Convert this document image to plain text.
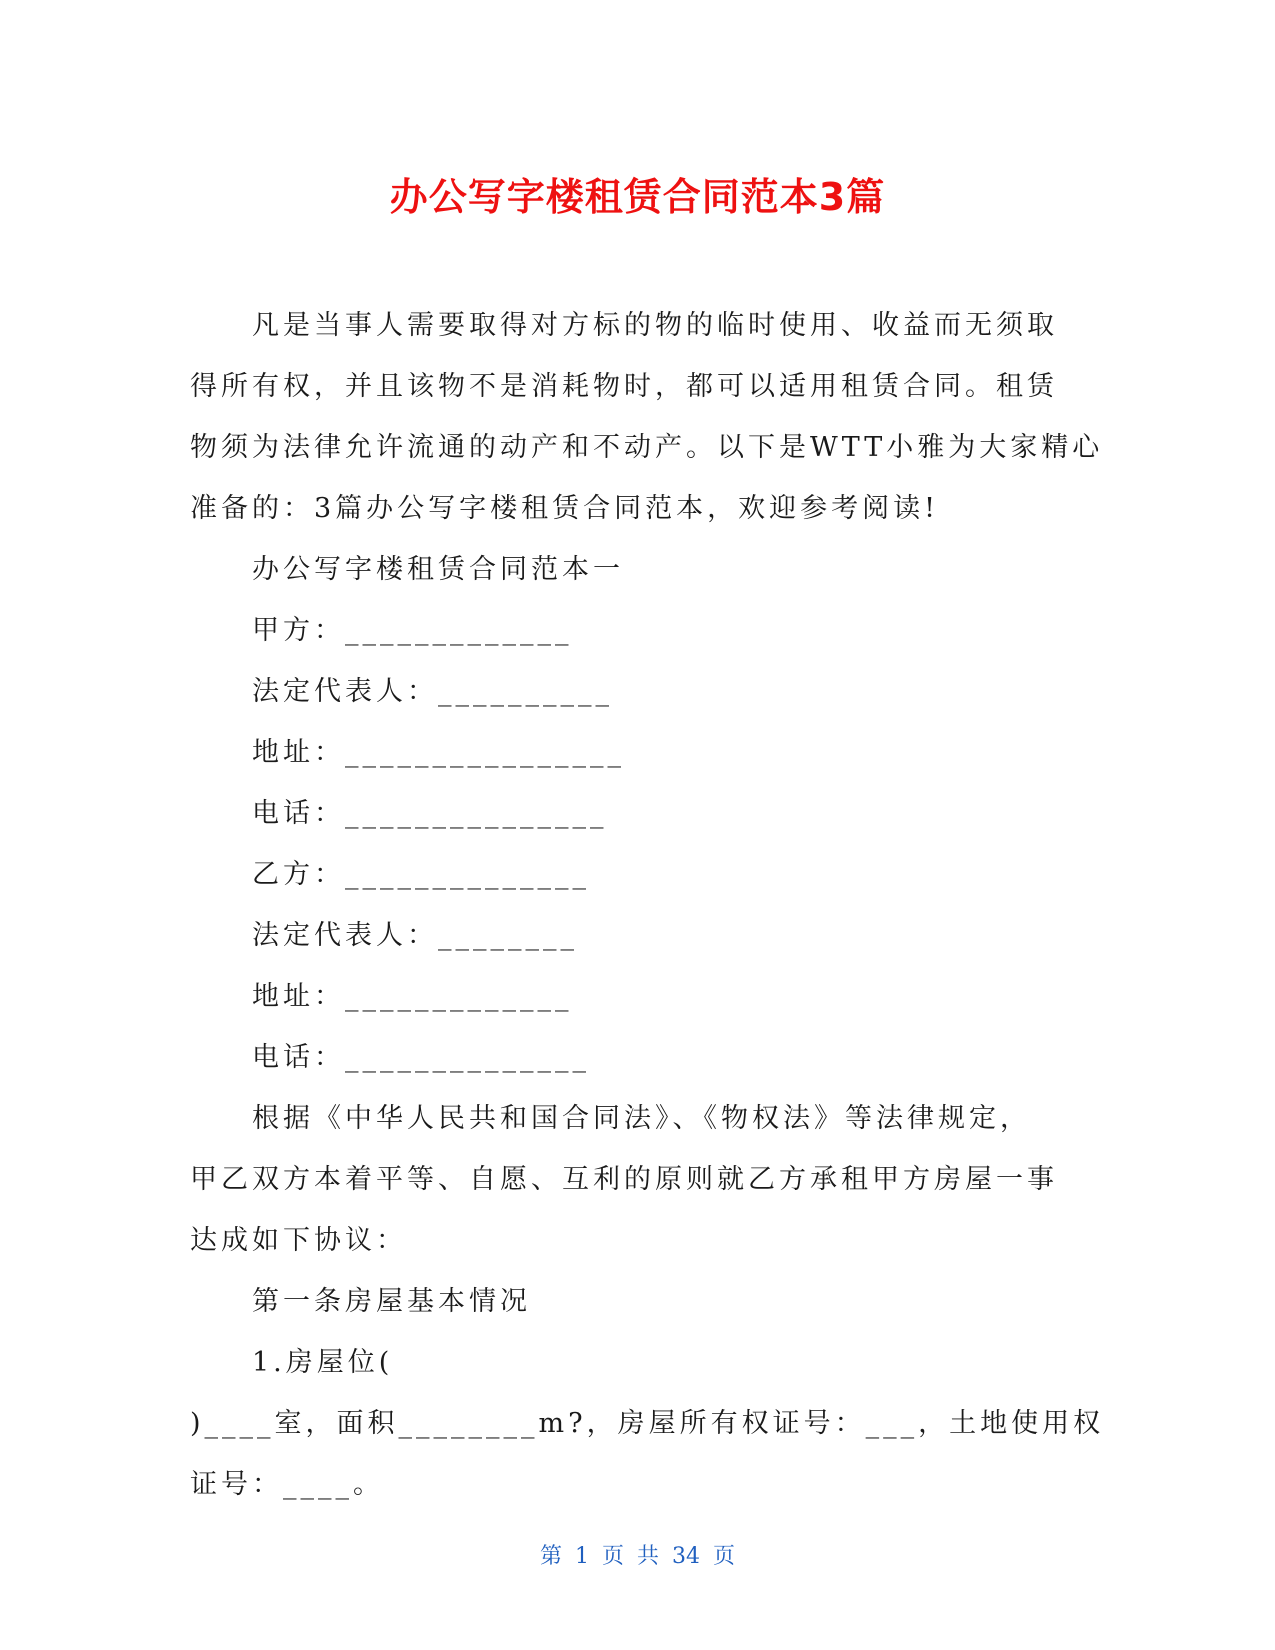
办公写字楼租赁合同范本3篇

凡是当事人需要取得对方标的物的临时使用、收益而无须取

得所有权，并且该物不是消耗物时，都可以适用租赁合同。租赁

物须为法律允许流通的动产和不动产。以下是WTT小雅为大家精心

准备的：3篇办公写字楼租赁合同范本，欢迎参考阅读!

办公写字楼租赁合同范本一

甲方：_____________

法定代表人：__________

地址：________________

电话：_______________

乙方：______________

法定代表人：________

地址：_____________

电话：______________

根据《中华人民共和国合同法》、《物权法》等法律规定，

甲乙双方本着平等、自愿、互利的原则就乙方承租甲方房屋一事

达成如下协议：

第一条房屋基本情况

1.房屋位(

)____室，面积________m?，房屋所有权证号：___，土地使用权

证号：____。

第 1 页 共 34 页
